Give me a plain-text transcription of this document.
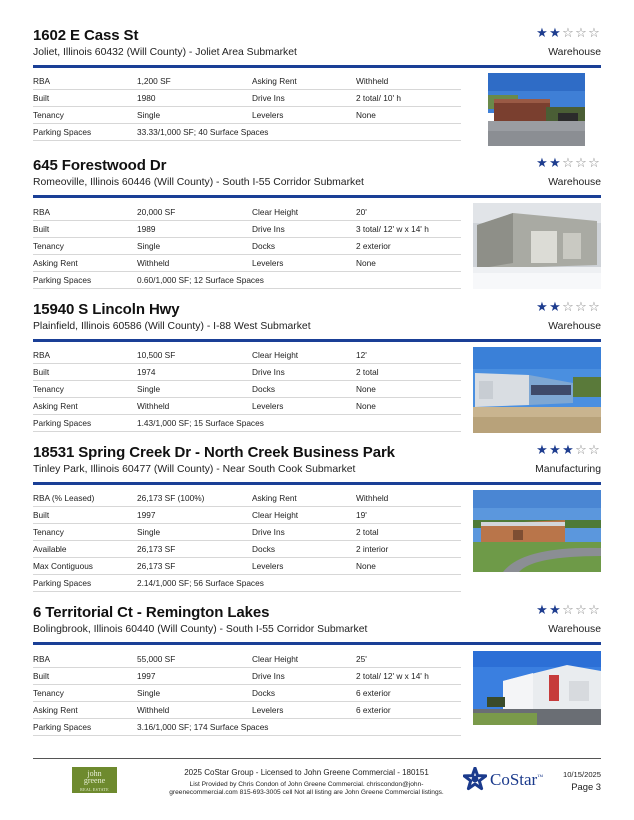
1602 E Cass St
Joliet, Illinois 60432 (Will County) - Joliet Area Submarket
★★☆☆☆
Warehouse
RBA	1,200 SF	Asking Rent	Withheld
Built	1980	Drive Ins	2 total/ 10' h
Tenancy	Single	Levelers	None
Parking Spaces	33.33/1,000 SF; 40 Surface Spaces
645 Forestwood Dr
Romeoville, Illinois 60446 (Will County) - South I-55 Corridor Submarket
★★☆☆☆
Warehouse
RBA	20,000 SF	Clear Height	20'
Built	1989	Drive Ins	3 total/ 12' w x 14' h
Tenancy	Single	Docks	2 exterior
Asking Rent	Withheld	Levelers	None
Parking Spaces	0.60/1,000 SF; 12 Surface Spaces
15940 S Lincoln Hwy
Plainfield, Illinois 60586 (Will County) - I-88 West Submarket
★★☆☆☆
Warehouse
RBA	10,500 SF	Clear Height	12'
Built	1974	Drive Ins	2 total
Tenancy	Single	Docks	None
Asking Rent	Withheld	Levelers	None
Parking Spaces	1.43/1,000 SF; 15 Surface Spaces
18531 Spring Creek Dr - North Creek Business Park
Tinley Park, Illinois 60477 (Will County) - Near South Cook Submarket
★★★☆☆
Manufacturing
RBA (% Leased)	26,173 SF (100%)	Asking Rent	Withheld
Built	1997	Clear Height	19'
Tenancy	Single	Drive Ins	2 total
Available	26,173 SF	Docks	2 interior
Max Contiguous	26,173 SF	Levelers	None
Parking Spaces	2.14/1,000 SF; 56 Surface Spaces
6 Territorial Ct - Remington Lakes
Bolingbrook, Illinois 60440 (Will County) - South I-55 Corridor Submarket
★★☆☆☆
Warehouse
RBA	55,000 SF	Clear Height	25'
Built	1997	Drive Ins	2 total/ 12' w x 14' h
Tenancy	Single	Docks	6 exterior
Asking Rent	Withheld	Levelers	6 exterior
Parking Spaces	3.16/1,000 SF; 174 Surface Spaces
john
greene
REAL ESTATE
2025 CoStar Group - Licensed to John Greene Commercial - 180151
List Provided by Chris Condon of John Greene Commercial. chriscondon@john-greenecommercial.com 815-693-3005 cell Not all listing are John Greene Commercial listings.
CoStar™	10/15/2025
Page 3
